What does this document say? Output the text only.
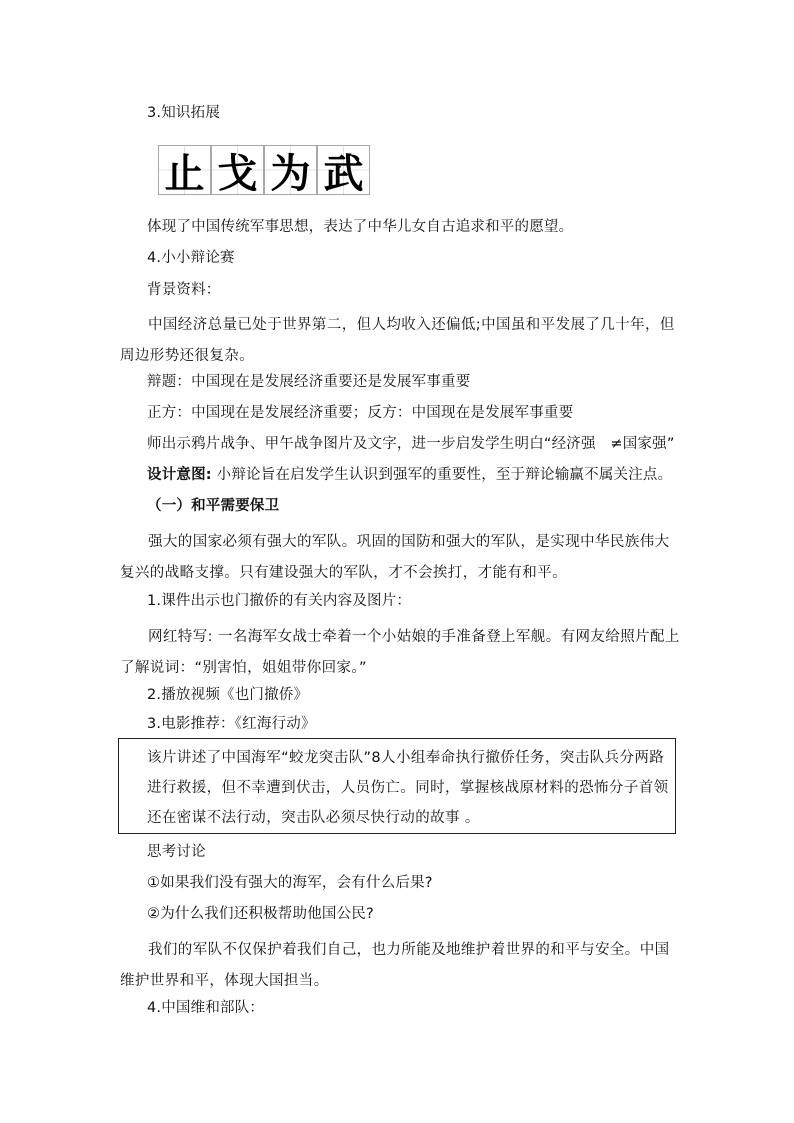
3.知识拓展
止 戈 为 武
体现了中国传统军事思想，表达了中华儿女自古追求和平的愿望。
4.小小辩论赛
背景资料：
中国经济总量已处于世界第二，但人均收入还偏低;中国虽和平发展了几十年，但周边形势还很复杂。
辩题：中国现在是发展经济重要还是发展军事重要
正方：中国现在是发展经济重要；反方：中国现在是发展军事重要
师出示鸦片战争、甲午战争图片及文字，进一步启发学生明白“经济强　≠国家强”
设计意图: 小辩论旨在启发学生认识到强军的重要性，至于辩论输赢不属关注点。
（一）和平需要保卫
强大的国家必须有强大的军队。巩固的国防和强大的军队，是实现中华民族伟大复兴的战略支撑。只有建设强大的军队，才不会挨打，才能有和平。
1.课件出示也门撤侨的有关内容及图片：
网红特写: 一名海军女战士牵着一个小姑娘的手准备登上军舰。有网友给照片配上了解说词：“别害怕，姐姐带你回家。”
2.播放视频《也门撤侨》
3.电影推荐：《红海行动》
该片讲述了中国海军“蛟龙突击队”8人小组奉命执行撤侨任务，突击队兵分两路进行救援，但不幸遭到伏击，人员伤亡。同时，掌握核战原材料的恐怖分子首领还在密谋不法行动，突击队必须尽快行动的故事 。
思考讨论
①如果我们没有强大的海军，会有什么后果?
②为什么我们还积极帮助他国公民?
我们的军队不仅保护着我们自己，也力所能及地维护着世界的和平与安全。中国维护世界和平，体现大国担当。
4.中国维和部队：
